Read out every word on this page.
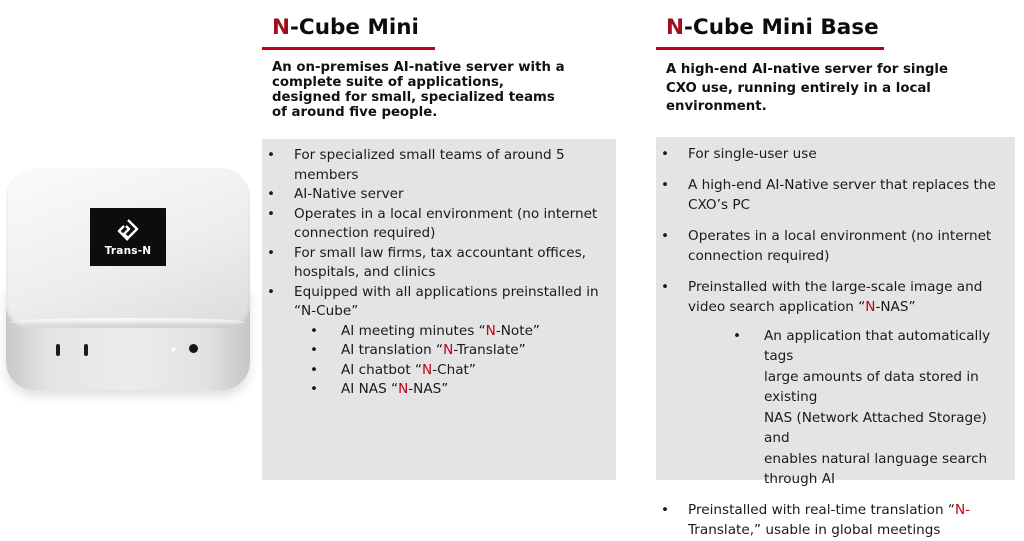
Trans-N
N-Cube Mini

An on-premises AI-native server with a
complete suite of applications,
designed for small, specialized teams
of around five people.

• For specialized small teams of around 5
members
• AI-Native server
• Operates in a local environment (no internet
connection required)
• For small law firms, tax accountant offices,
hospitals, and clinics
• Equipped with all applications preinstalled in
“N-Cube”
• AI meeting minutes “N-Note”
• AI translation “N-Translate”
• AI chatbot “N-Chat”
• AI NAS “N-NAS”
N-Cube Mini Base

A high-end AI-native server for single
CXO use, running entirely in a local
environment.

• For single-user use
• A high-end AI-Native server that replaces the
CXO’s PC
• Operates in a local environment (no internet
connection required)
• Preinstalled with the large-scale image and
video search application “N-NAS”
• An application that automatically tags
large amounts of data stored in existing
NAS (Network Attached Storage) and
enables natural language search
through AI
• Preinstalled with real-time translation “N-
Translate,” usable in global meetings
